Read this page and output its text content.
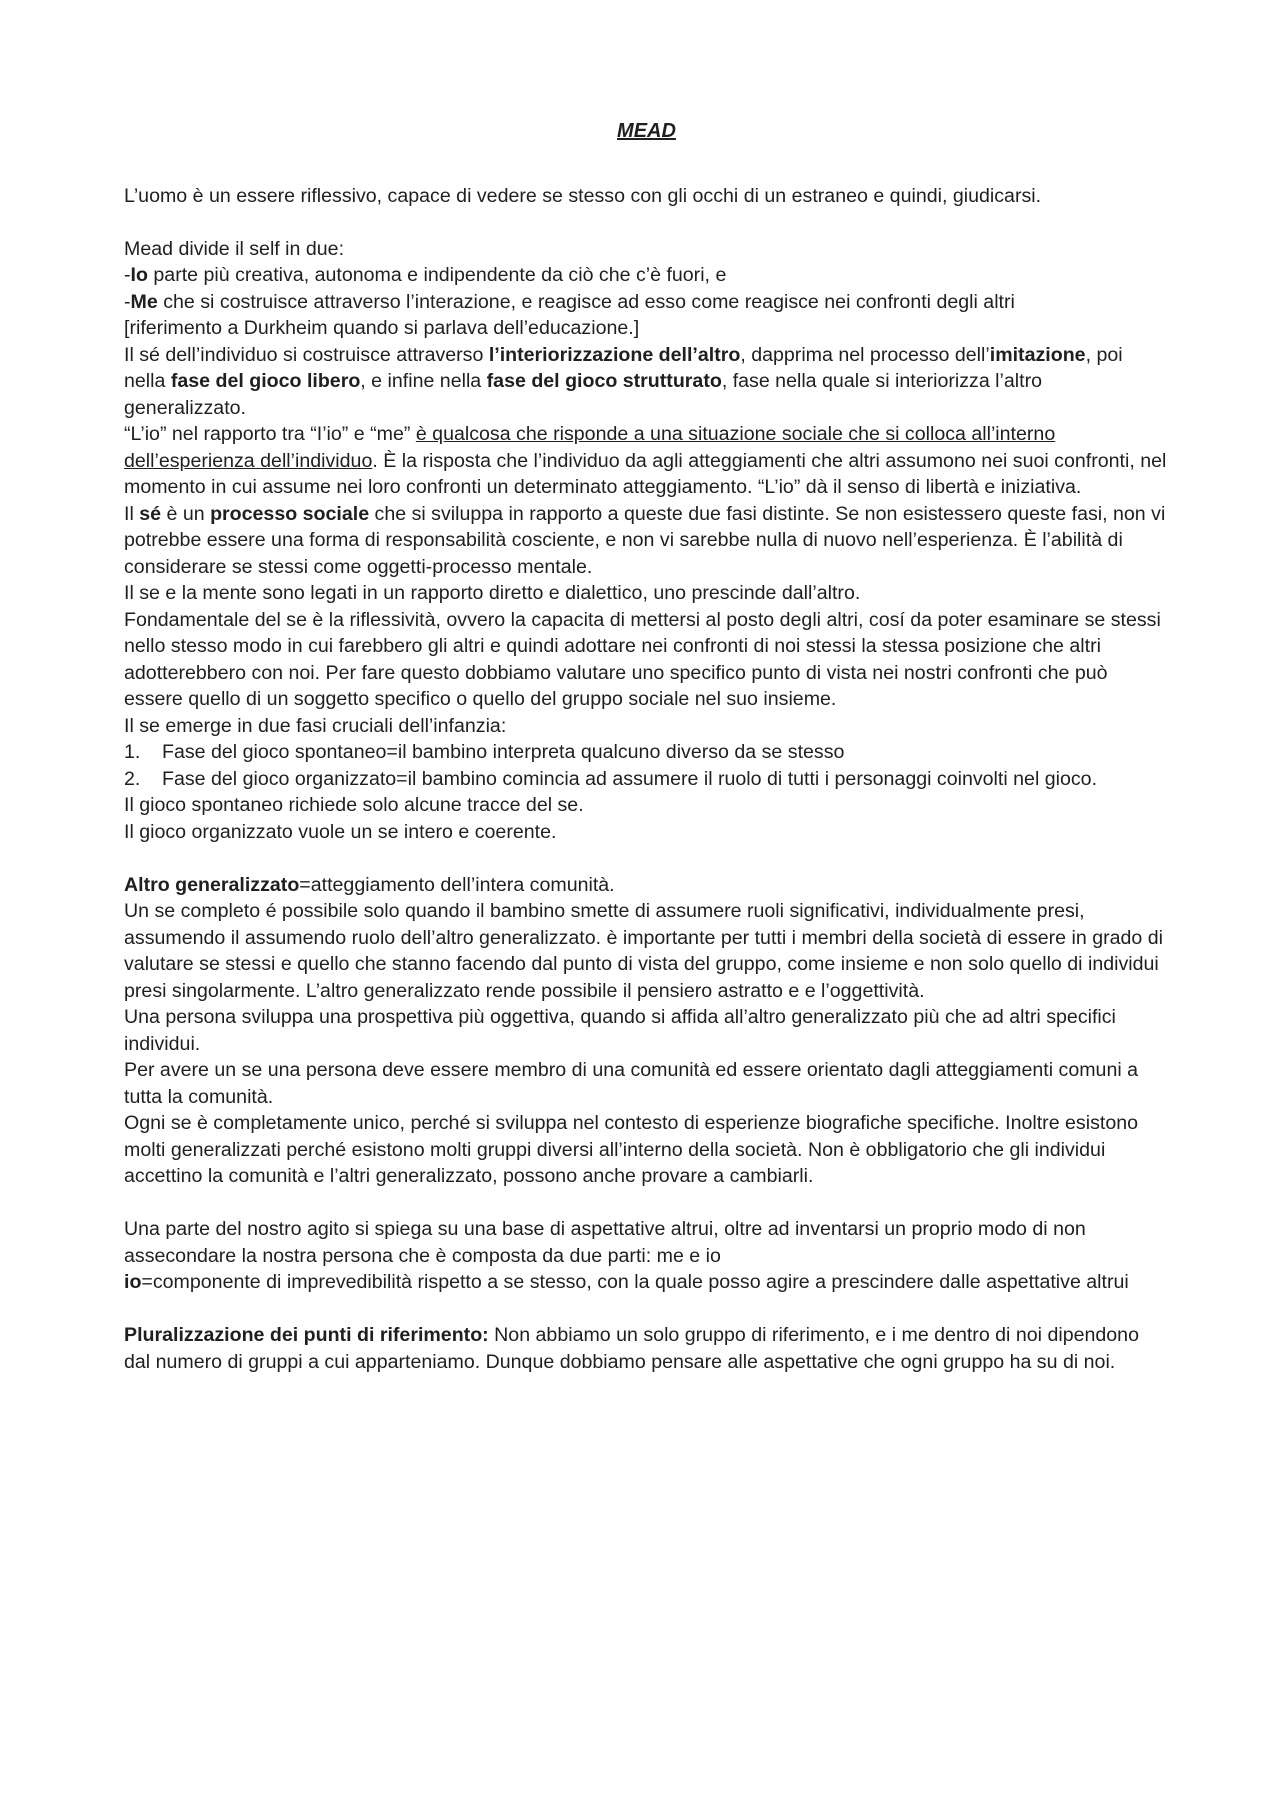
MEAD

L’uomo è un essere riflessivo, capace di vedere se stesso con gli occhi di un estraneo e quindi, giudicarsi.

Mead divide il self in due:

-Io parte più creativa, autonoma e indipendente da ciò che c’è fuori, e

-Me che si costruisce attraverso l’interazione, e reagisce ad esso come reagisce nei confronti degli altri

[riferimento a Durkheim quando si parlava dell’educazione.]

Il sé dell’individuo si costruisce attraverso l’interiorizzazione dell’altro, dapprima nel processo dell’imitazione, poi nella fase del gioco libero, e infine nella fase del gioco strutturato, fase nella quale si interiorizza l’altro generalizzato.

“L’io” nel rapporto tra “I’io” e “me” è qualcosa che risponde a una situazione sociale che si colloca all’interno dell’esperienza dell’individuo. È la risposta che l’individuo da agli atteggiamenti che altri assumono nei suoi confronti, nel momento in cui assume nei loro confronti un determinato atteggiamento. “L’io” dà il senso di libertà e iniziativa.

Il sé è un processo sociale che si sviluppa in rapporto a queste due fasi distinte. Se non esistessero queste fasi, non vi potrebbe essere una forma di responsabilità cosciente, e non vi sarebbe nulla di nuovo nell’esperienza. È l’abilità di considerare se stessi come oggetti-processo mentale.

Il se e la mente sono legati in un rapporto diretto e dialettico, uno prescinde dall’altro.

Fondamentale del se è la riflessività, ovvero la capacita di mettersi al posto degli altri, cosí da poter esaminare se stessi nello stesso modo in cui farebbero gli altri e quindi adottare nei confronti di noi stessi la stessa posizione che altri adotterebbero con noi. Per fare questo dobbiamo valutare uno specifico punto di vista nei nostri confronti che può essere quello di un soggetto specifico o quello del gruppo sociale nel suo insieme.

Il se emerge in due fasi cruciali dell’infanzia:

1. Fase del gioco spontaneo=il bambino interpreta qualcuno diverso da se stesso
2. Fase del gioco organizzato=il bambino comincia ad assumere il ruolo di tutti i personaggi coinvolti nel gioco.

Il gioco spontaneo richiede solo alcune tracce del se.

Il gioco organizzato vuole un se intero e coerente.

Altro generalizzato=atteggiamento dell’intera comunità.

Un se completo é possibile solo quando il bambino smette di assumere ruoli significativi, individualmente presi, assumendo il assumendo ruolo dell’altro generalizzato. è importante per tutti i membri della società di essere in grado di valutare se stessi e quello che stanno facendo dal punto di vista del gruppo, come insieme e non solo quello di individui presi singolarmente. L’altro generalizzato rende possibile il pensiero astratto e e l’oggettività.

Una persona sviluppa una prospettiva più oggettiva, quando si affida all’altro generalizzato più che ad altri specifici individui.

Per avere un se una persona deve essere membro di una comunità ed essere orientato dagli atteggiamenti comuni a tutta la comunità.

Ogni se è completamente unico, perché si sviluppa nel contesto di esperienze biografiche specifiche. Inoltre esistono molti generalizzati perché esistono molti gruppi diversi all’interno della società. Non è obbligatorio che gli individui accettino la comunità e l’altri generalizzato, possono anche provare a cambiarli.

Una parte del nostro agito si spiega su una base di aspettative altrui, oltre ad inventarsi un proprio modo di non assecondare la nostra persona che è composta da due parti: me e io

io=componente di imprevedibilità rispetto a se stesso, con la quale posso agire a prescindere dalle aspettative altrui

Pluralizzazione dei punti di riferimento: Non abbiamo un solo gruppo di riferimento, e i me dentro di noi dipendono dal numero di gruppi a cui apparteniamo. Dunque dobbiamo pensare alle aspettative che ogni gruppo ha su di noi.
